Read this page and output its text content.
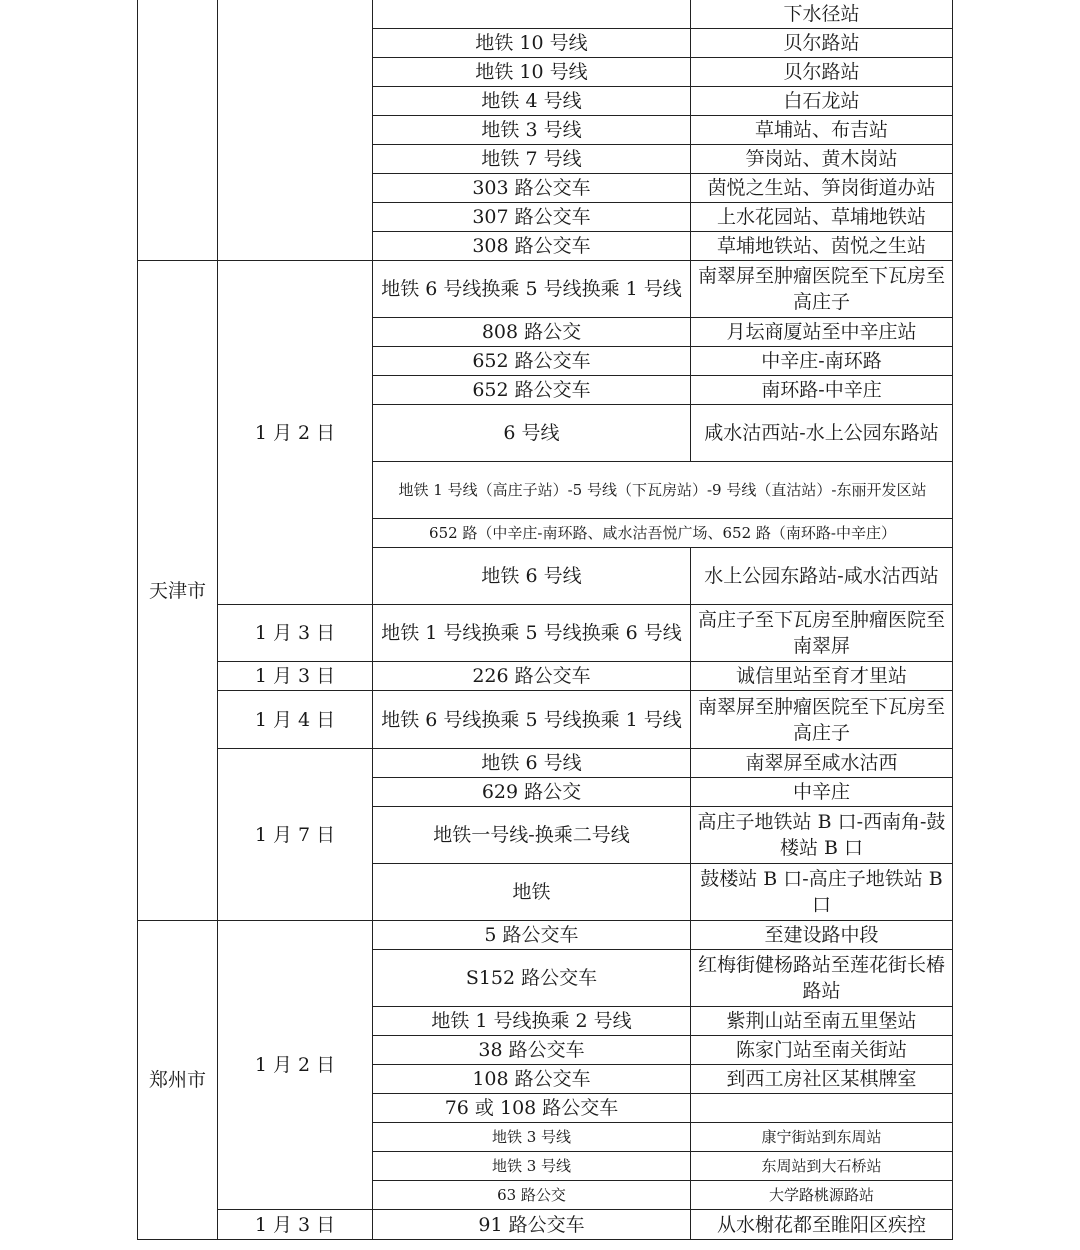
			下水径站
		地铁 10 号线	贝尔路站
		地铁 10 号线	贝尔路站
		地铁 4 号线	白石龙站
		地铁 3 号线	草埔站、布吉站
		地铁 7 号线	笋岗站、黄木岗站
		303 路公交车	茵悦之生站、笋岗街道办站
		307 路公交车	上水花园站、草埔地铁站
		308 路公交车	草埔地铁站、茵悦之生站
天津市	1 月 2 日	地铁 6 号线换乘 5 号线换乘 1 号线	南翠屏至肿瘤医院至下瓦房至高庄子
		808 路公交	月坛商厦站至中辛庄站
		652 路公交车	中辛庄-南环路
		652 路公交车	南环路-中辛庄
		6 号线	咸水沽西站-水上公园东路站
		地铁 1 号线（高庄子站）-5 号线（下瓦房站）-9 号线（直沽站）-东丽开发区站	
		652 路（中辛庄-南环路、咸水沽吾悦广场、652 路（南环路-中辛庄）	
		地铁 6 号线	水上公园东路站-咸水沽西站
	1 月 3 日	地铁 1 号线换乘 5 号线换乘 6 号线	高庄子至下瓦房至肿瘤医院至南翠屏
	1 月 3 日	226 路公交车	诚信里站至育才里站
	1 月 4 日	地铁 6 号线换乘 5 号线换乘 1 号线	南翠屏至肿瘤医院至下瓦房至高庄子
	1 月 7 日	地铁 6 号线	南翠屏至咸水沽西
		629 路公交	中辛庄
		地铁一号线-换乘二号线	高庄子地铁站 B 口-西南角-鼓楼站 B 口
		地铁	鼓楼站 B 口-高庄子地铁站 B 口
郑州市	1 月 2 日	5 路公交车	至建设路中段
		S152 路公交车	红梅街健杨路站至莲花街长椿路站
		地铁 1 号线换乘 2 号线	紫荆山站至南五里堡站
		38 路公交车	陈家门站至南关街站
		108 路公交车	到西工房社区某棋牌室
		76 或 108 路公交车	
		地铁 3 号线	康宁街站到东周站
		地铁 3 号线	东周站到大石桥站
		63 路公交	大学路桃源路站
	1 月 3 日	91 路公交车	从水榭花都至睢阳区疾控
